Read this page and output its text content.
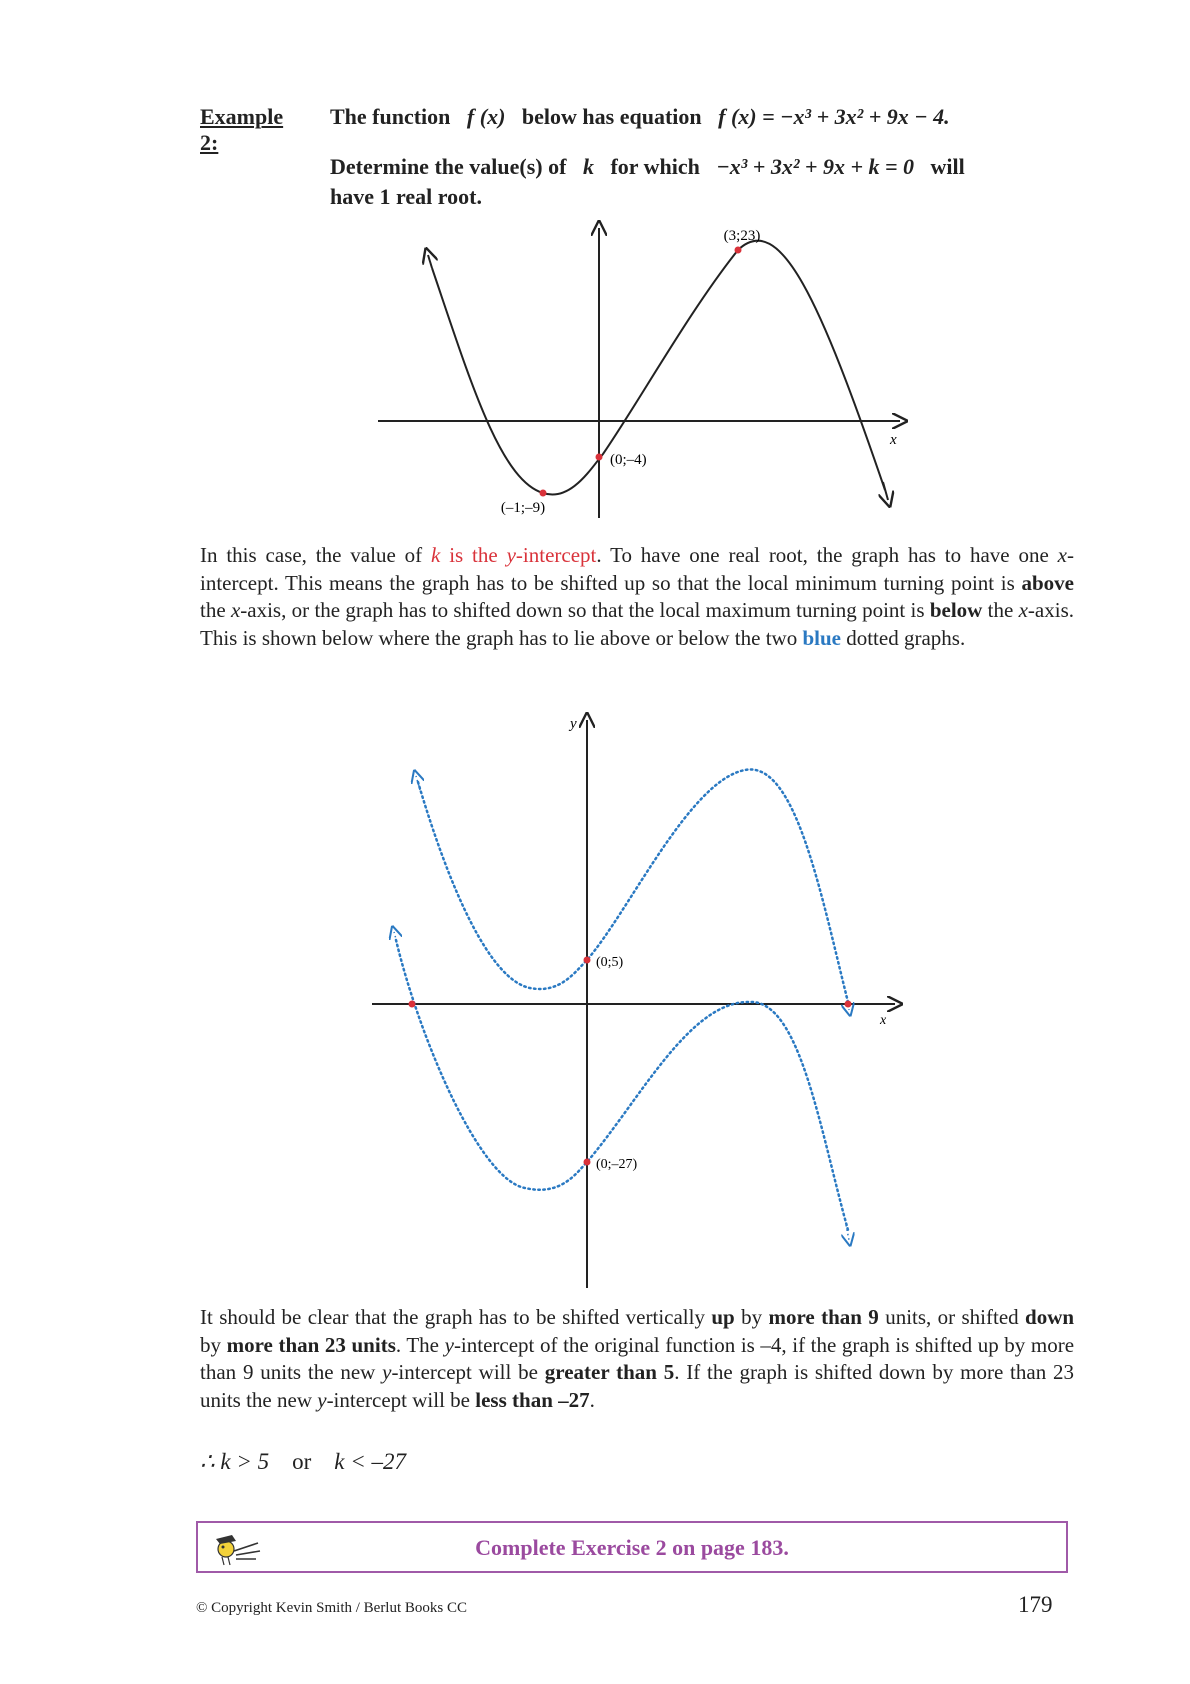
Example 2:
The function f (x) below has equation f (x) = −x³ + 3x² + 9x − 4.
Determine the value(s) of k for which −x³ + 3x² + 9x + k = 0 will
have 1 real root.
(3;23)
(0;–4)
(–1;–9)
x
In this case, the value of k is the y-intercept. To have one real root, the graph has to have one x-intercept. This means the graph has to be shifted up so that the local minimum turning point is above the x-axis, or the graph has to shifted down so that the local maximum turning point is below the x-axis. This is shown below where the graph has to lie above or below the two blue dotted graphs.
y
x
(0;5)
(0;–27)
It should be clear that the graph has to be shifted vertically up by more than 9 units, or shifted down by more than 23 units. The y-intercept of the original function is –4, if the graph is shifted up by more than 9 units the new y-intercept will be greater than 5. If the graph is shifted down by more than 23 units the new y-intercept will be less than –27.
∴ k > 5 or k < –27
Complete Exercise 2 on page 183.
© Copyright Kevin Smith / Berlut Books CC	179
